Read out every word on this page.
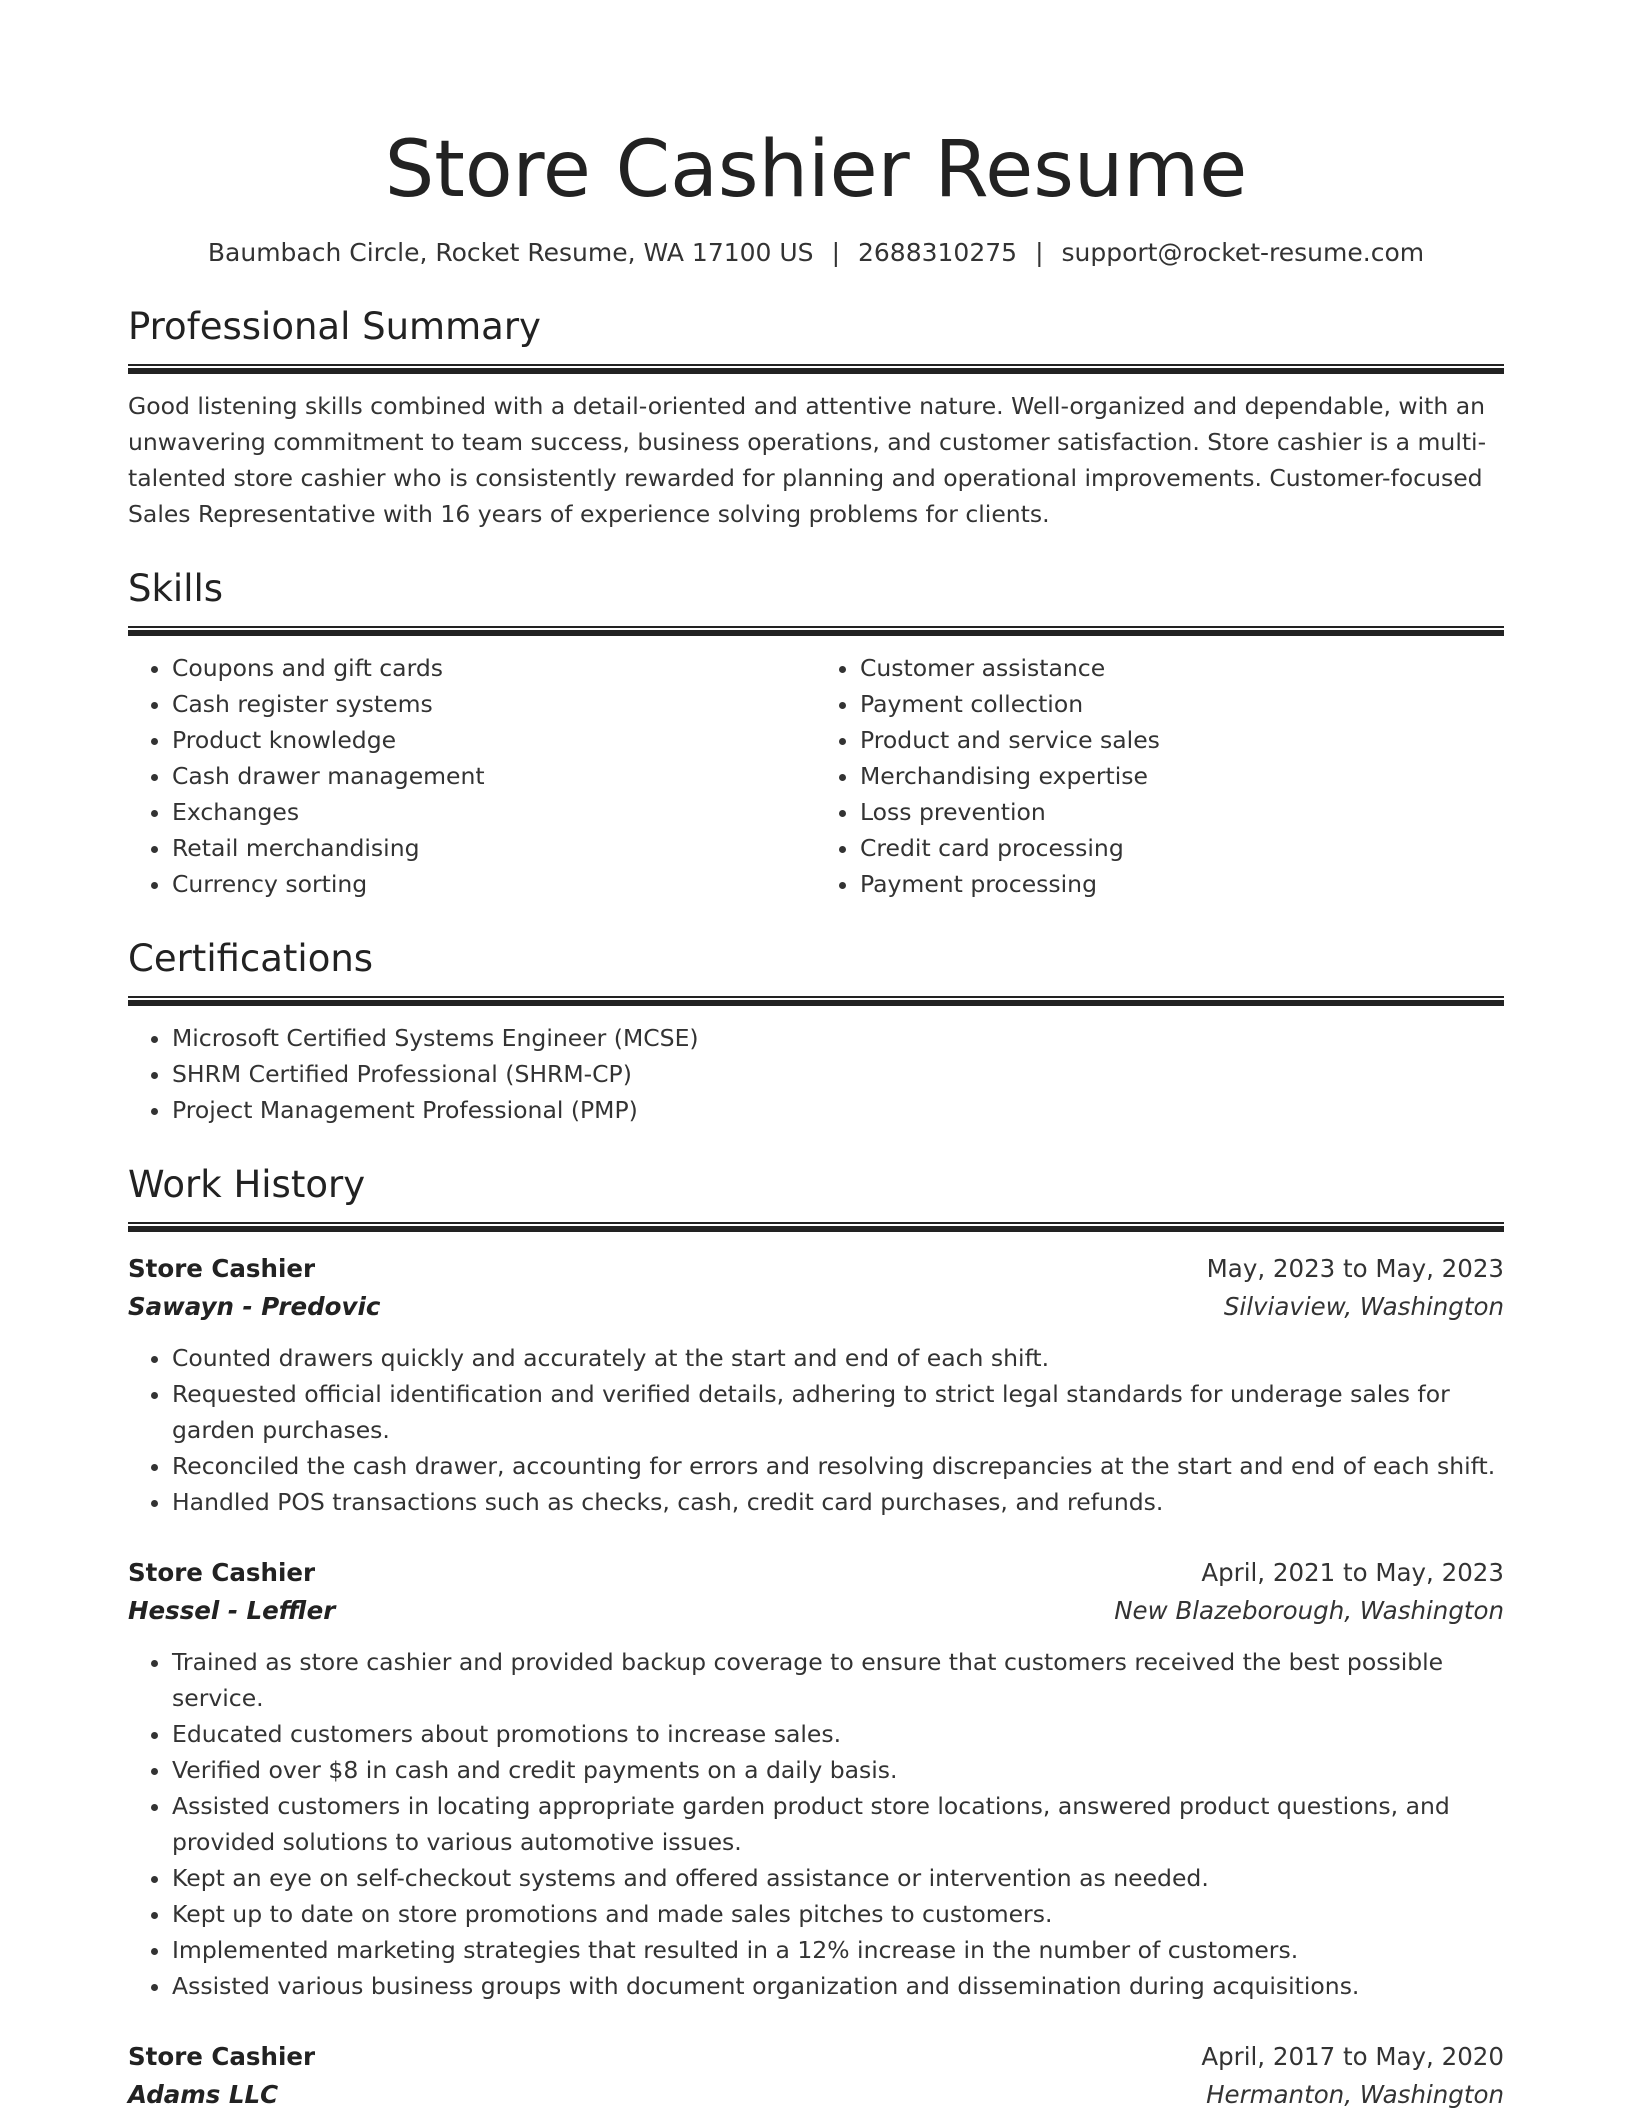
Store Cashier Resume
Baumbach Circle, Rocket Resume, WA 17100 US | 2688310275 | support@rocket-resume.com
Professional Summary
Good listening skills combined with a detail-oriented and attentive nature. Well-organized and dependable, with an unwavering commitment to team success, business operations, and customer satisfaction. Store cashier is a multi-talented store cashier who is consistently rewarded for planning and operational improvements. Customer-focused Sales Representative with 16 years of experience solving problems for clients.
Skills
• Coupons and gift cards
• Cash register systems
• Product knowledge
• Cash drawer management
• Exchanges
• Retail merchandising
• Currency sorting
• Customer assistance
• Payment collection
• Product and service sales
• Merchandising expertise
• Loss prevention
• Credit card processing
• Payment processing
Certifications
• Microsoft Certified Systems Engineer (MCSE)
• SHRM Certified Professional (SHRM-CP)
• Project Management Professional (PMP)
Work History
Store Cashier	May, 2023 to May, 2023
Sawayn - Predovic	Silviaview, Washington
• Counted drawers quickly and accurately at the start and end of each shift.
• Requested official identification and verified details, adhering to strict legal standards for underage sales for garden purchases.
• Reconciled the cash drawer, accounting for errors and resolving discrepancies at the start and end of each shift.
• Handled POS transactions such as checks, cash, credit card purchases, and refunds.
Store Cashier	April, 2021 to May, 2023
Hessel - Leffler	New Blazeborough, Washington
• Trained as store cashier and provided backup coverage to ensure that customers received the best possible service.
• Educated customers about promotions to increase sales.
• Verified over $8 in cash and credit payments on a daily basis.
• Assisted customers in locating appropriate garden product store locations, answered product questions, and provided solutions to various automotive issues.
• Kept an eye on self-checkout systems and offered assistance or intervention as needed.
• Kept up to date on store promotions and made sales pitches to customers.
• Implemented marketing strategies that resulted in a 12% increase in the number of customers.
• Assisted various business groups with document organization and dissemination during acquisitions.
Store Cashier	April, 2017 to May, 2020
Adams LLC	Hermanton, Washington
